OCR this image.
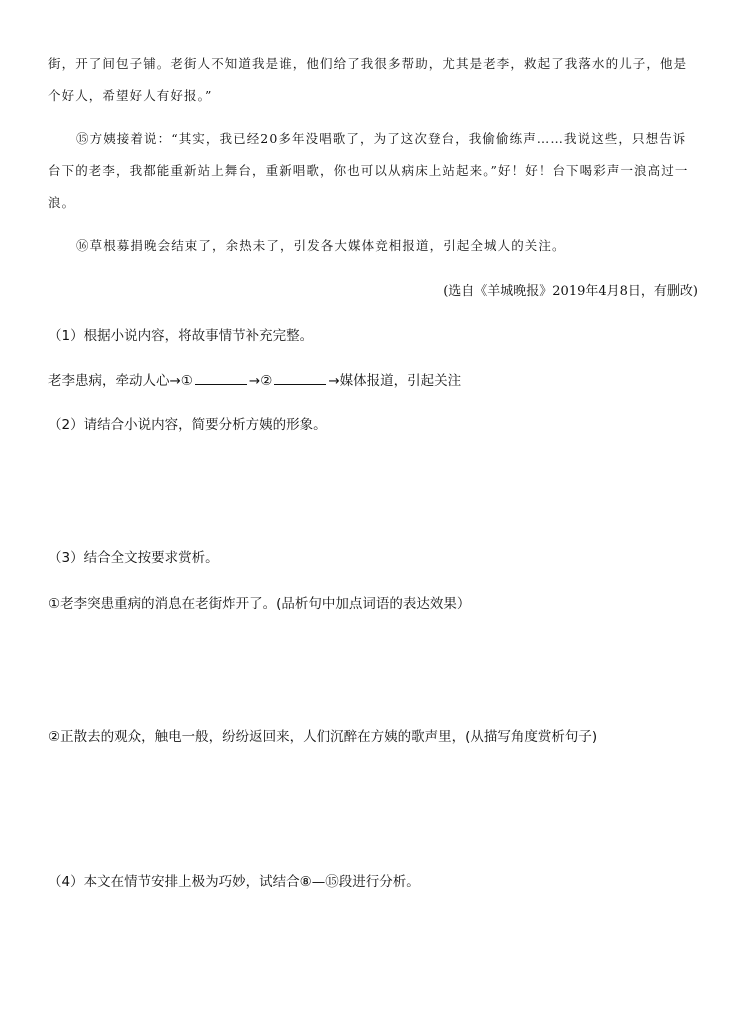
街，开了间包子铺。老街人不知道我是谁，他们给了我很多帮助，尤其是老李，救起了我落水的儿子，他是个好人，希望好人有好报。”

⑮方姨接着说：“其实，我已经20多年没唱歌了，为了这次登台，我偷偷练声……我说这些，只想告诉台下的老李，我都能重新站上舞台，重新唱歌，你也可以从病床上站起来。”好！好！台下喝彩声一浪高过一浪。

⑯草根募捐晚会结束了，余热未了，引发各大媒体竞相报道，引起全城人的关注。

(选自《羊城晚报》2019年4月8日，有删改)
（1）根据小说内容，将故事情节补充完整。
老李患病，牵动人心→①	→②	→媒体报道，引起关注
（2）请结合小说内容，简要分析方姨的形象。
（3）结合全文按要求赏析。
①老李突患重病的消息在老街炸开了。(品析句中加点词语的表达效果）
②正散去的观众，触电一般，纷纷返回来，人们沉醉在方姨的歌声里，(从描写角度赏析句子)
（4）本文在情节安排上极为巧妙，试结合⑧—⑮段进行分析。
